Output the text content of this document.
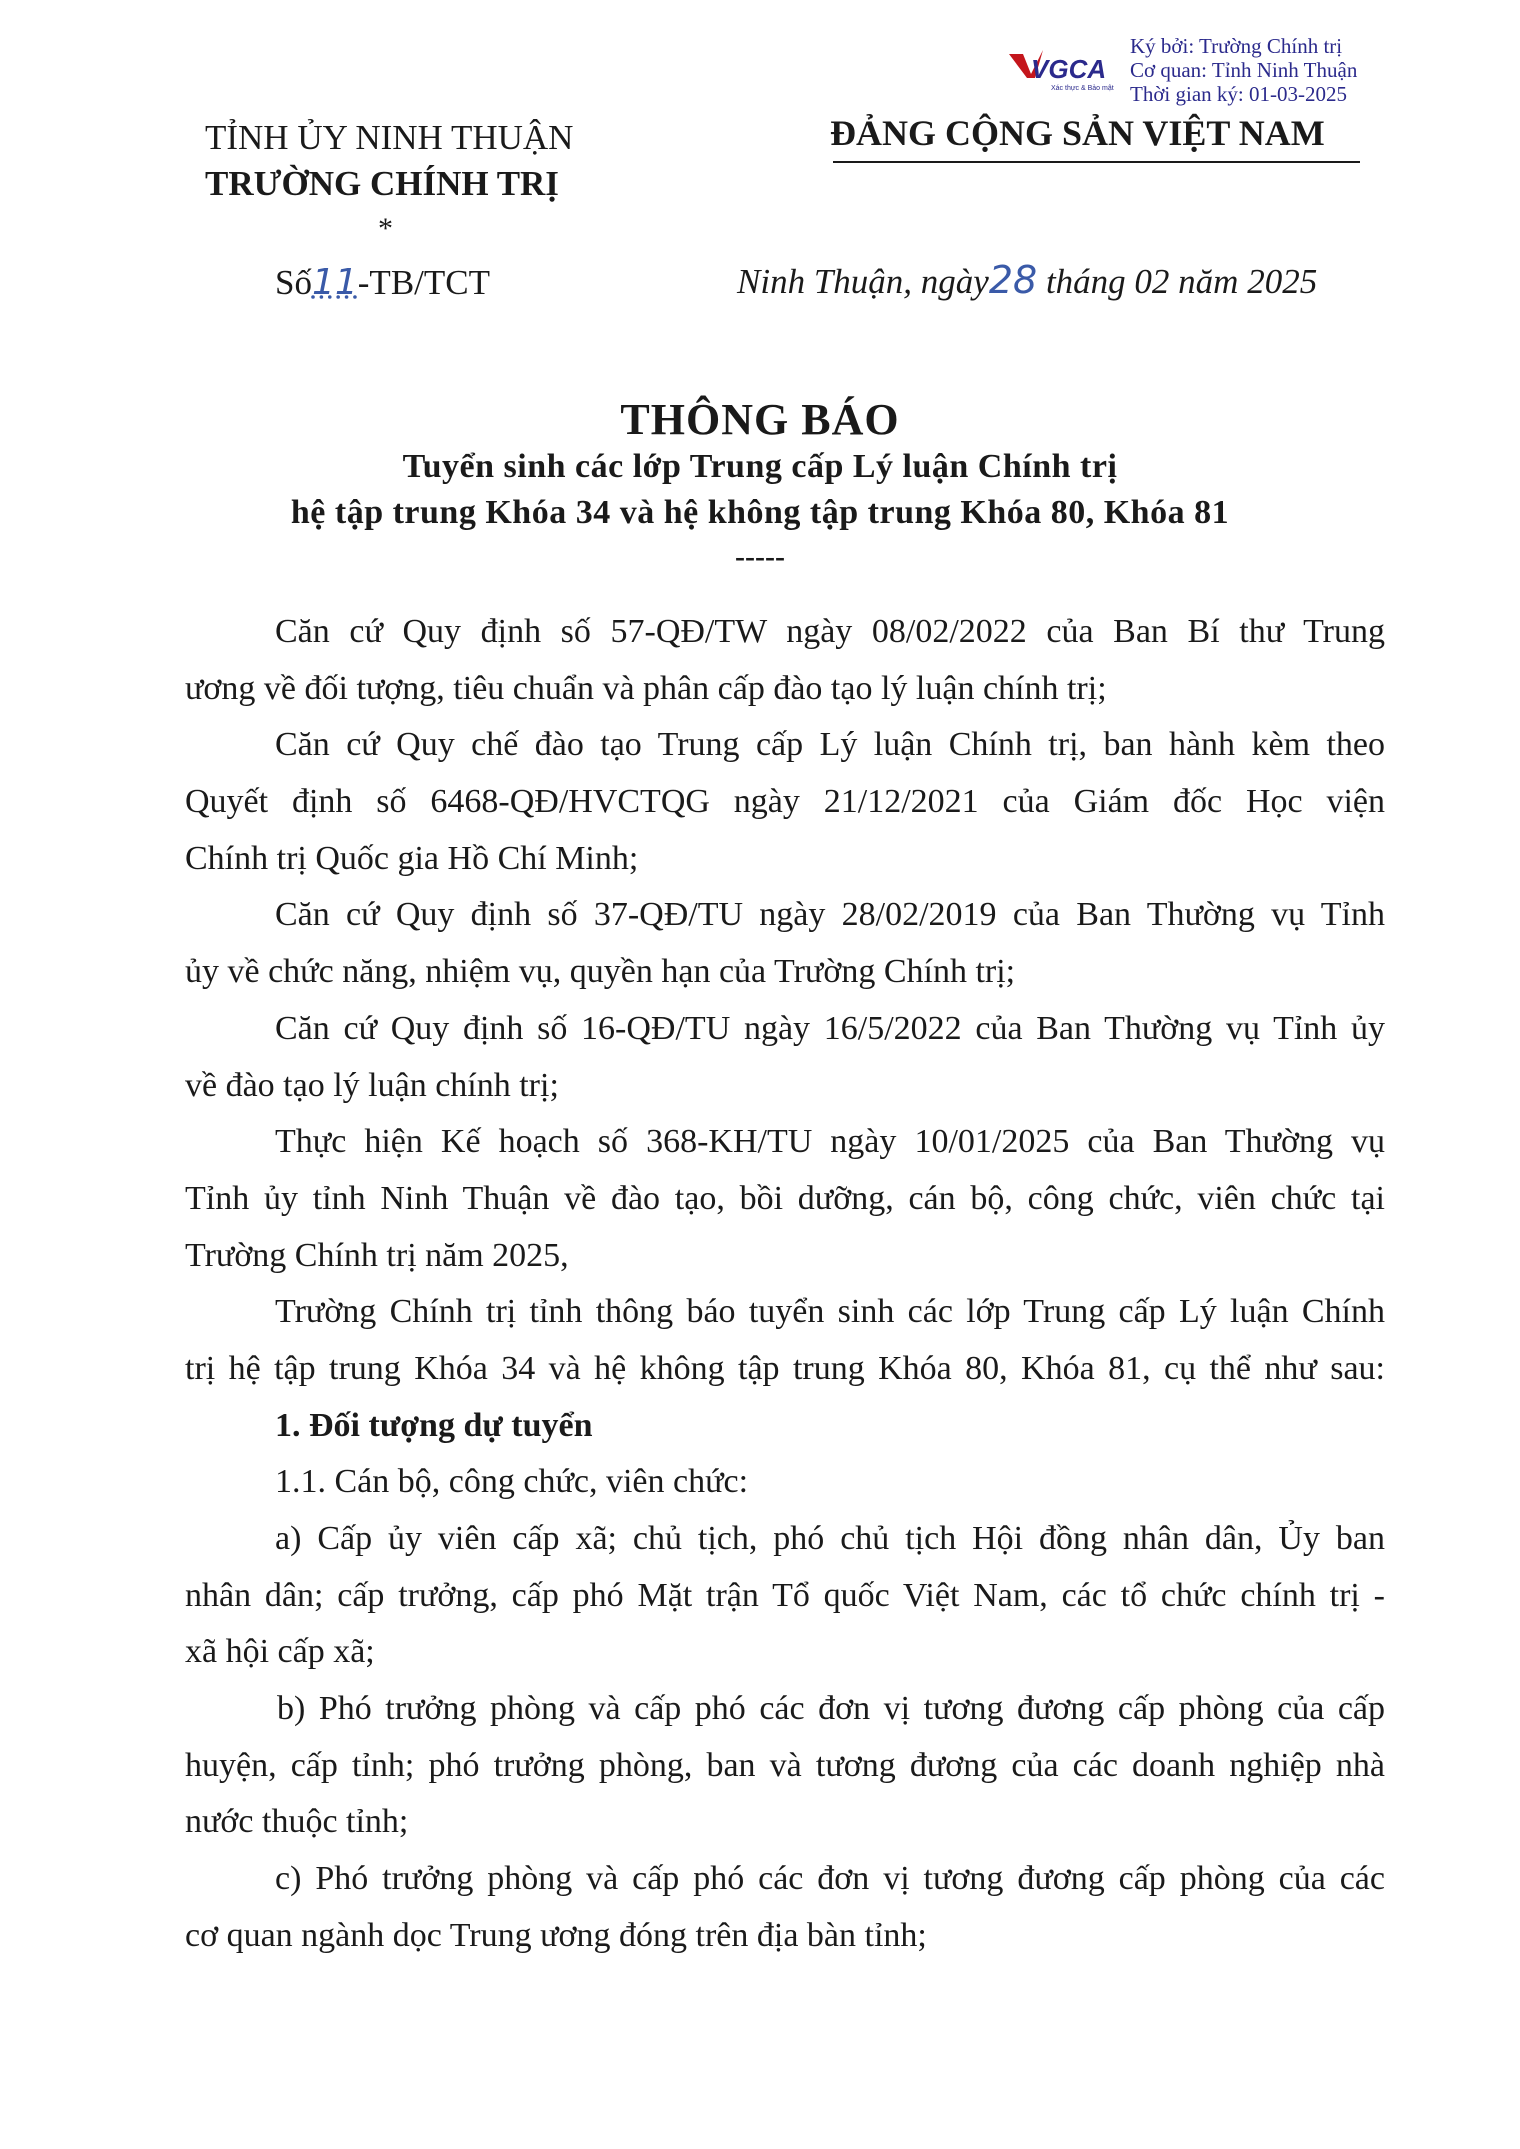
VGCA
Xác thực & Bảo mật
Ký bởi: Trường Chính trị
Cơ quan: Tỉnh Ninh Thuận
Thời gian ký: 01-03-2025
TỈNH ỦY NINH THUẬN
TRƯỜNG CHÍNH TRỊ
*
ĐẢNG CỘNG SẢN VIỆT NAM
Số11-TB/TCT	Ninh Thuận, ngày28 tháng 02 năm 2025
THÔNG BÁO
Tuyển sinh các lớp Trung cấp Lý luận Chính trị
hệ tập trung Khóa 34 và hệ không tập trung Khóa 80, Khóa 81
-----
Căn cứ Quy định số 57-QĐ/TW ngày 08/02/2022 của Ban Bí thư Trung
ương về đối tượng, tiêu chuẩn và phân cấp đào tạo lý luận chính trị;
Căn cứ Quy chế đào tạo Trung cấp Lý luận Chính trị, ban hành kèm theo
Quyết định số 6468-QĐ/HVCTQG ngày 21/12/2021 của Giám đốc Học viện
Chính trị Quốc gia Hồ Chí Minh;
Căn cứ Quy định số 37-QĐ/TU ngày 28/02/2019 của Ban Thường vụ Tỉnh
ủy về chức năng, nhiệm vụ, quyền hạn của Trường Chính trị;
Căn cứ Quy định số 16-QĐ/TU ngày 16/5/2022 của Ban Thường vụ Tỉnh ủy
về đào tạo lý luận chính trị;
Thực hiện Kế hoạch số 368-KH/TU ngày 10/01/2025 của Ban Thường vụ
Tỉnh ủy tỉnh Ninh Thuận về đào tạo, bồi dưỡng, cán bộ, công chức, viên chức tại
Trường Chính trị năm 2025,
Trường Chính trị tỉnh thông báo tuyển sinh các lớp Trung cấp Lý luận Chính
trị hệ tập trung Khóa 34 và hệ không tập trung Khóa 80, Khóa 81, cụ thể như sau:
1. Đối tượng dự tuyển
1.1. Cán bộ, công chức, viên chức:
a) Cấp ủy viên cấp xã; chủ tịch, phó chủ tịch Hội đồng nhân dân, Ủy ban
nhân dân; cấp trưởng, cấp phó Mặt trận Tổ quốc Việt Nam, các tổ chức chính trị -
xã hội cấp xã;
b) Phó trưởng phòng và cấp phó các đơn vị tương đương cấp phòng của cấp
huyện, cấp tỉnh; phó trưởng phòng, ban và tương đương của các doanh nghiệp nhà
nước thuộc tỉnh;
c) Phó trưởng phòng và cấp phó các đơn vị tương đương cấp phòng của các
cơ quan ngành dọc Trung ương đóng trên địa bàn tỉnh;
